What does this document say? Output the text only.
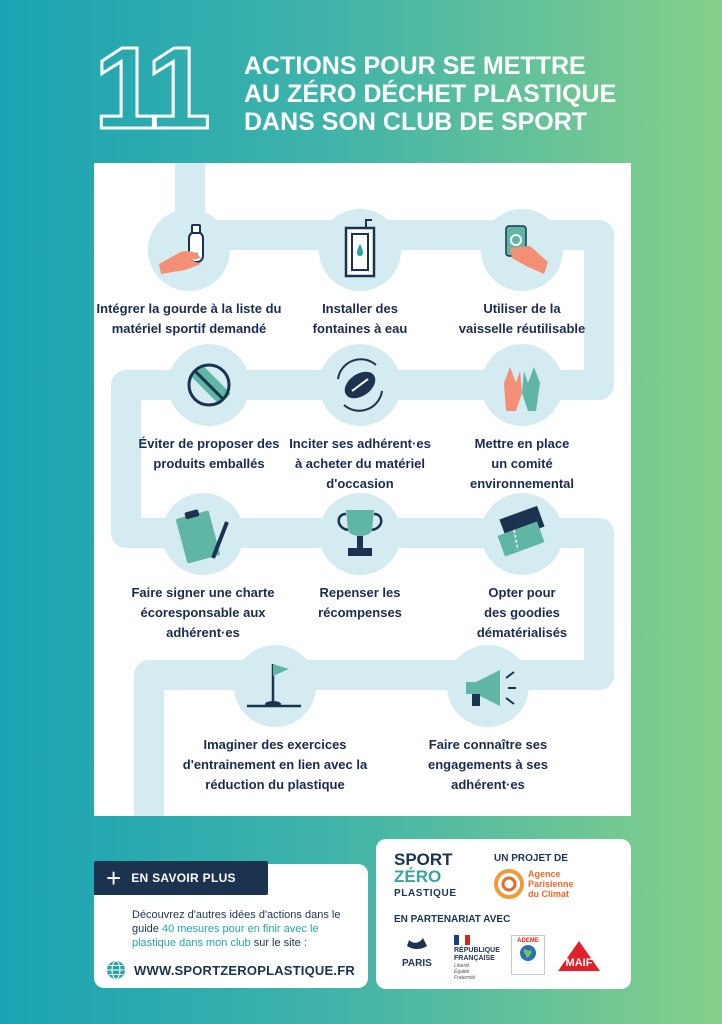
11 ACTIONS POUR SE METTRE
AU ZÉRO DÉCHET PLASTIQUE
DANS SON CLUB DE SPORT
Intégrer la gourde à la liste du
matériel sportif demandé
Installer des
fontaines à eau
Utiliser de la
vaisselle réutilisable
Éviter de proposer des
produits emballés
Inciter ses adhérent·es
à acheter du matériel
d'occasion
Mettre en place
un comité
environnemental
Faire signer une charte
écoresponsable aux
adhérent·es
Repenser les
récompenses
Opter pour
des goodies
dématérialisés
Imaginer des exercices
d'entrainement en lien avec la
réduction du plastique
Faire connaître ses
engagements à ses
adhérent·es
+ EN SAVOIR PLUS
Découvrez d'autres idées d'actions dans le guide 40 mesures pour en finir avec le plastique dans mon club sur le site :
WWW.SPORTZEROPLASTIQUE.FR
SPORT
ZÉRO
PLASTIQUE
UN PROJET DE
Agence
Parisienne
du Climat
EN PARTENARIAT AVEC
PARIS
RÉPUBLIQUE
FRANÇAISE
Liberté
Égalité
Fraternité
ADEME
MAIF
